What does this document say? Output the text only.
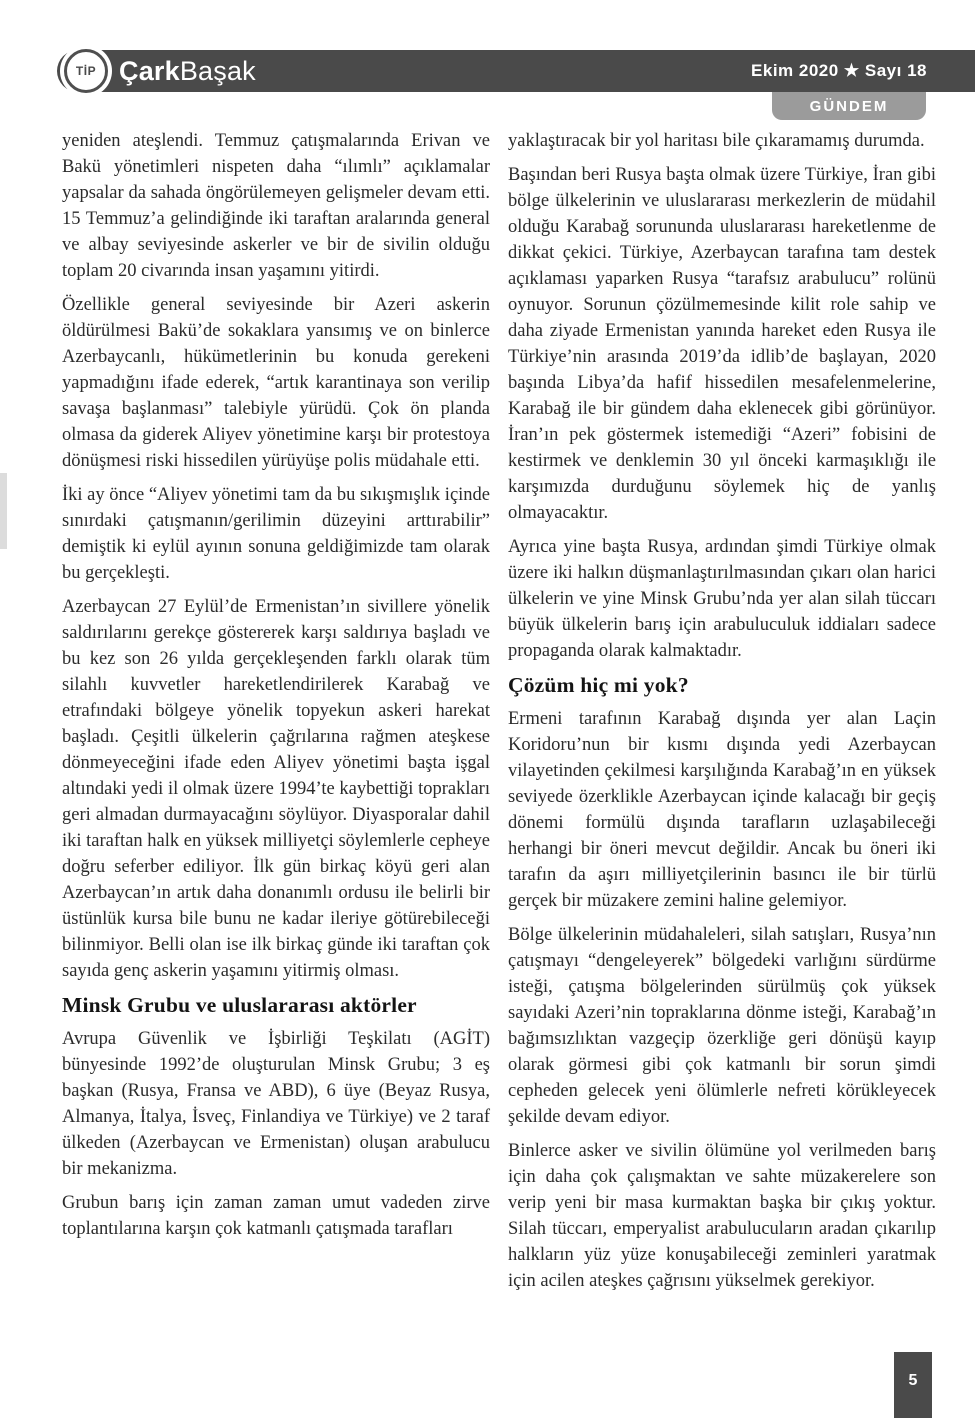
ÇarkBaşak	Ekim 2020 ★ Sayı 18
TİP
GÜNDEM

yeniden ateşlendi. Temmuz çatışmalarında Erivan ve Bakü yönetimleri nispeten daha “ılımlı” açıklamalar yapsalar da sahada öngörülemeyen gelişmeler devam etti. 15 Temmuz’a gelindiğinde iki taraftan aralarında general ve albay seviyesinde askerler ve bir de sivilin olduğu toplam 20 civarında insan yaşamını yitirdi.

Özellikle general seviyesinde bir Azeri askerin öldürülmesi Bakü’de sokaklara yansımış ve on binlerce Azerbaycanlı, hükümetlerinin bu konuda gerekeni yapmadığını ifade ederek, “artık karantinaya son verilip savaşa başlanması” talebiyle yürüdü. Çok ön planda olmasa da giderek Aliyev yönetimine karşı bir protestoya dönüşmesi riski hissedilen yürüyüşe polis müdahale etti.

İki ay önce “Aliyev yönetimi tam da bu sıkışmışlık içinde sınırdaki çatışmanın/gerilimin düzeyini arttırabilir” demiştik ki eylül ayının sonuna geldiğimizde tam olarak bu gerçekleşti.

Azerbaycan 27 Eylül’de Ermenistan’ın sivillere yönelik saldırılarını gerekçe göstererek karşı saldırıya başladı ve bu kez son 26 yılda gerçekleşenden farklı olarak tüm silahlı kuvvetler hareketlendirilerek Karabağ ve etrafındaki bölgeye yönelik topyekun askeri harekat başladı. Çeşitli ülkelerin çağrılarına rağmen ateşkese dönmeyeceğini ifade eden Aliyev yönetimi başta işgal altındaki yedi il olmak üzere 1994’te kaybettiği toprakları geri almadan durmayacağını söylüyor. Diyasporalar dahil iki taraftan halk en yüksek milliyetçi söylemlerle cepheye doğru seferber ediliyor. İlk gün birkaç köyü geri alan Azerbaycan’ın artık daha donanımlı ordusu ile belirli bir üstünlük kursa bile bunu ne kadar ileriye götürebileceği bilinmiyor. Belli olan ise ilk birkaç günde iki taraftan çok sayıda genç askerin yaşamını yitirmiş olması.

Minsk Grubu ve uluslararası aktörler

Avrupa Güvenlik ve İşbirliği Teşkilatı (AGİT) bünyesinde 1992’de oluşturulan Minsk Grubu; 3 eş başkan (Rusya, Fransa ve ABD), 6 üye (Beyaz Rusya, Almanya, İtalya, İsveç, Finlandiya ve Türkiye) ve 2 taraf ülkeden (Azerbaycan ve Ermenistan) oluşan arabulucu bir mekanizma.

Grubun barış için zaman zaman umut vadeden zirve toplantılarına karşın çok katmanlı çatışmada tarafları

yaklaştıracak bir yol haritası bile çıkaramamış durumda.

Başından beri Rusya başta olmak üzere Türkiye, İran gibi bölge ülkelerinin ve uluslararası merkezlerin de müdahil olduğu Karabağ sorununda uluslararası hareketlenme de dikkat çekici. Türkiye, Azerbaycan tarafına tam destek açıklaması yaparken Rusya “tarafsız arabulucu” rolünü oynuyor. Sorunun çözülmemesinde kilit role sahip ve daha ziyade Ermenistan yanında hareket eden Rusya ile Türkiye’nin arasında 2019’da idlib’de başlayan, 2020 başında Libya’da hafif hissedilen mesafelenmelerine, Karabağ ile bir gündem daha eklenecek gibi görünüyor. İran’ın pek göstermek istemediği “Azeri” fobisini de kestirmek ve denklemin 30 yıl önceki karmaşıklığı ile karşımızda durduğunu söylemek hiç de yanlış olmayacaktır.

Ayrıca yine başta Rusya, ardından şimdi Türkiye olmak üzere iki halkın düşmanlaştırılmasından çıkarı olan harici ülkelerin ve yine Minsk Grubu’nda yer alan silah tüccarı büyük ülkelerin barış için arabuluculuk iddiaları sadece propaganda olarak kalmaktadır.

Çözüm hiç mi yok?

Ermeni tarafının Karabağ dışında yer alan Laçin Koridoru’nun bir kısmı dışında yedi Azerbaycan vilayetinden çekilmesi karşılığında Karabağ’ın en yüksek seviyede özerklikle Azerbaycan içinde kalacağı bir geçiş dönemi formülü dışında tarafların uzlaşabileceği herhangi bir öneri mevcut değildir. Ancak bu öneri iki tarafın da aşırı milliyetçilerinin basıncı ile bir türlü gerçek bir müzakere zemini haline gelemiyor.

Bölge ülkelerinin müdahaleleri, silah satışları, Rusya’nın çatışmayı “dengeleyerek” bölgedeki varlığını sürdürme isteği, çatışma bölgelerinden sürülmüş çok yüksek sayıdaki Azeri’nin topraklarına dönme isteği, Karabağ’ın bağımsızlıktan vazgeçip özerkliğe geri dönüşü kayıp olarak görmesi gibi çok katmanlı bir sorun şimdi cepheden gelecek yeni ölümlerle nefreti körükleyecek şekilde devam ediyor.

Binlerce asker ve sivilin ölümüne yol verilmeden barış için daha çok çalışmaktan ve sahte müzakerelere son verip yeni bir masa kurmaktan başka bir çıkış yoktur. Silah tüccarı, emperyalist arabulucuların aradan çıkarılıp halkların yüz yüze konuşabileceği zeminleri yaratmak için acilen ateşkes çağrısını yükselmek gerekiyor.

5
